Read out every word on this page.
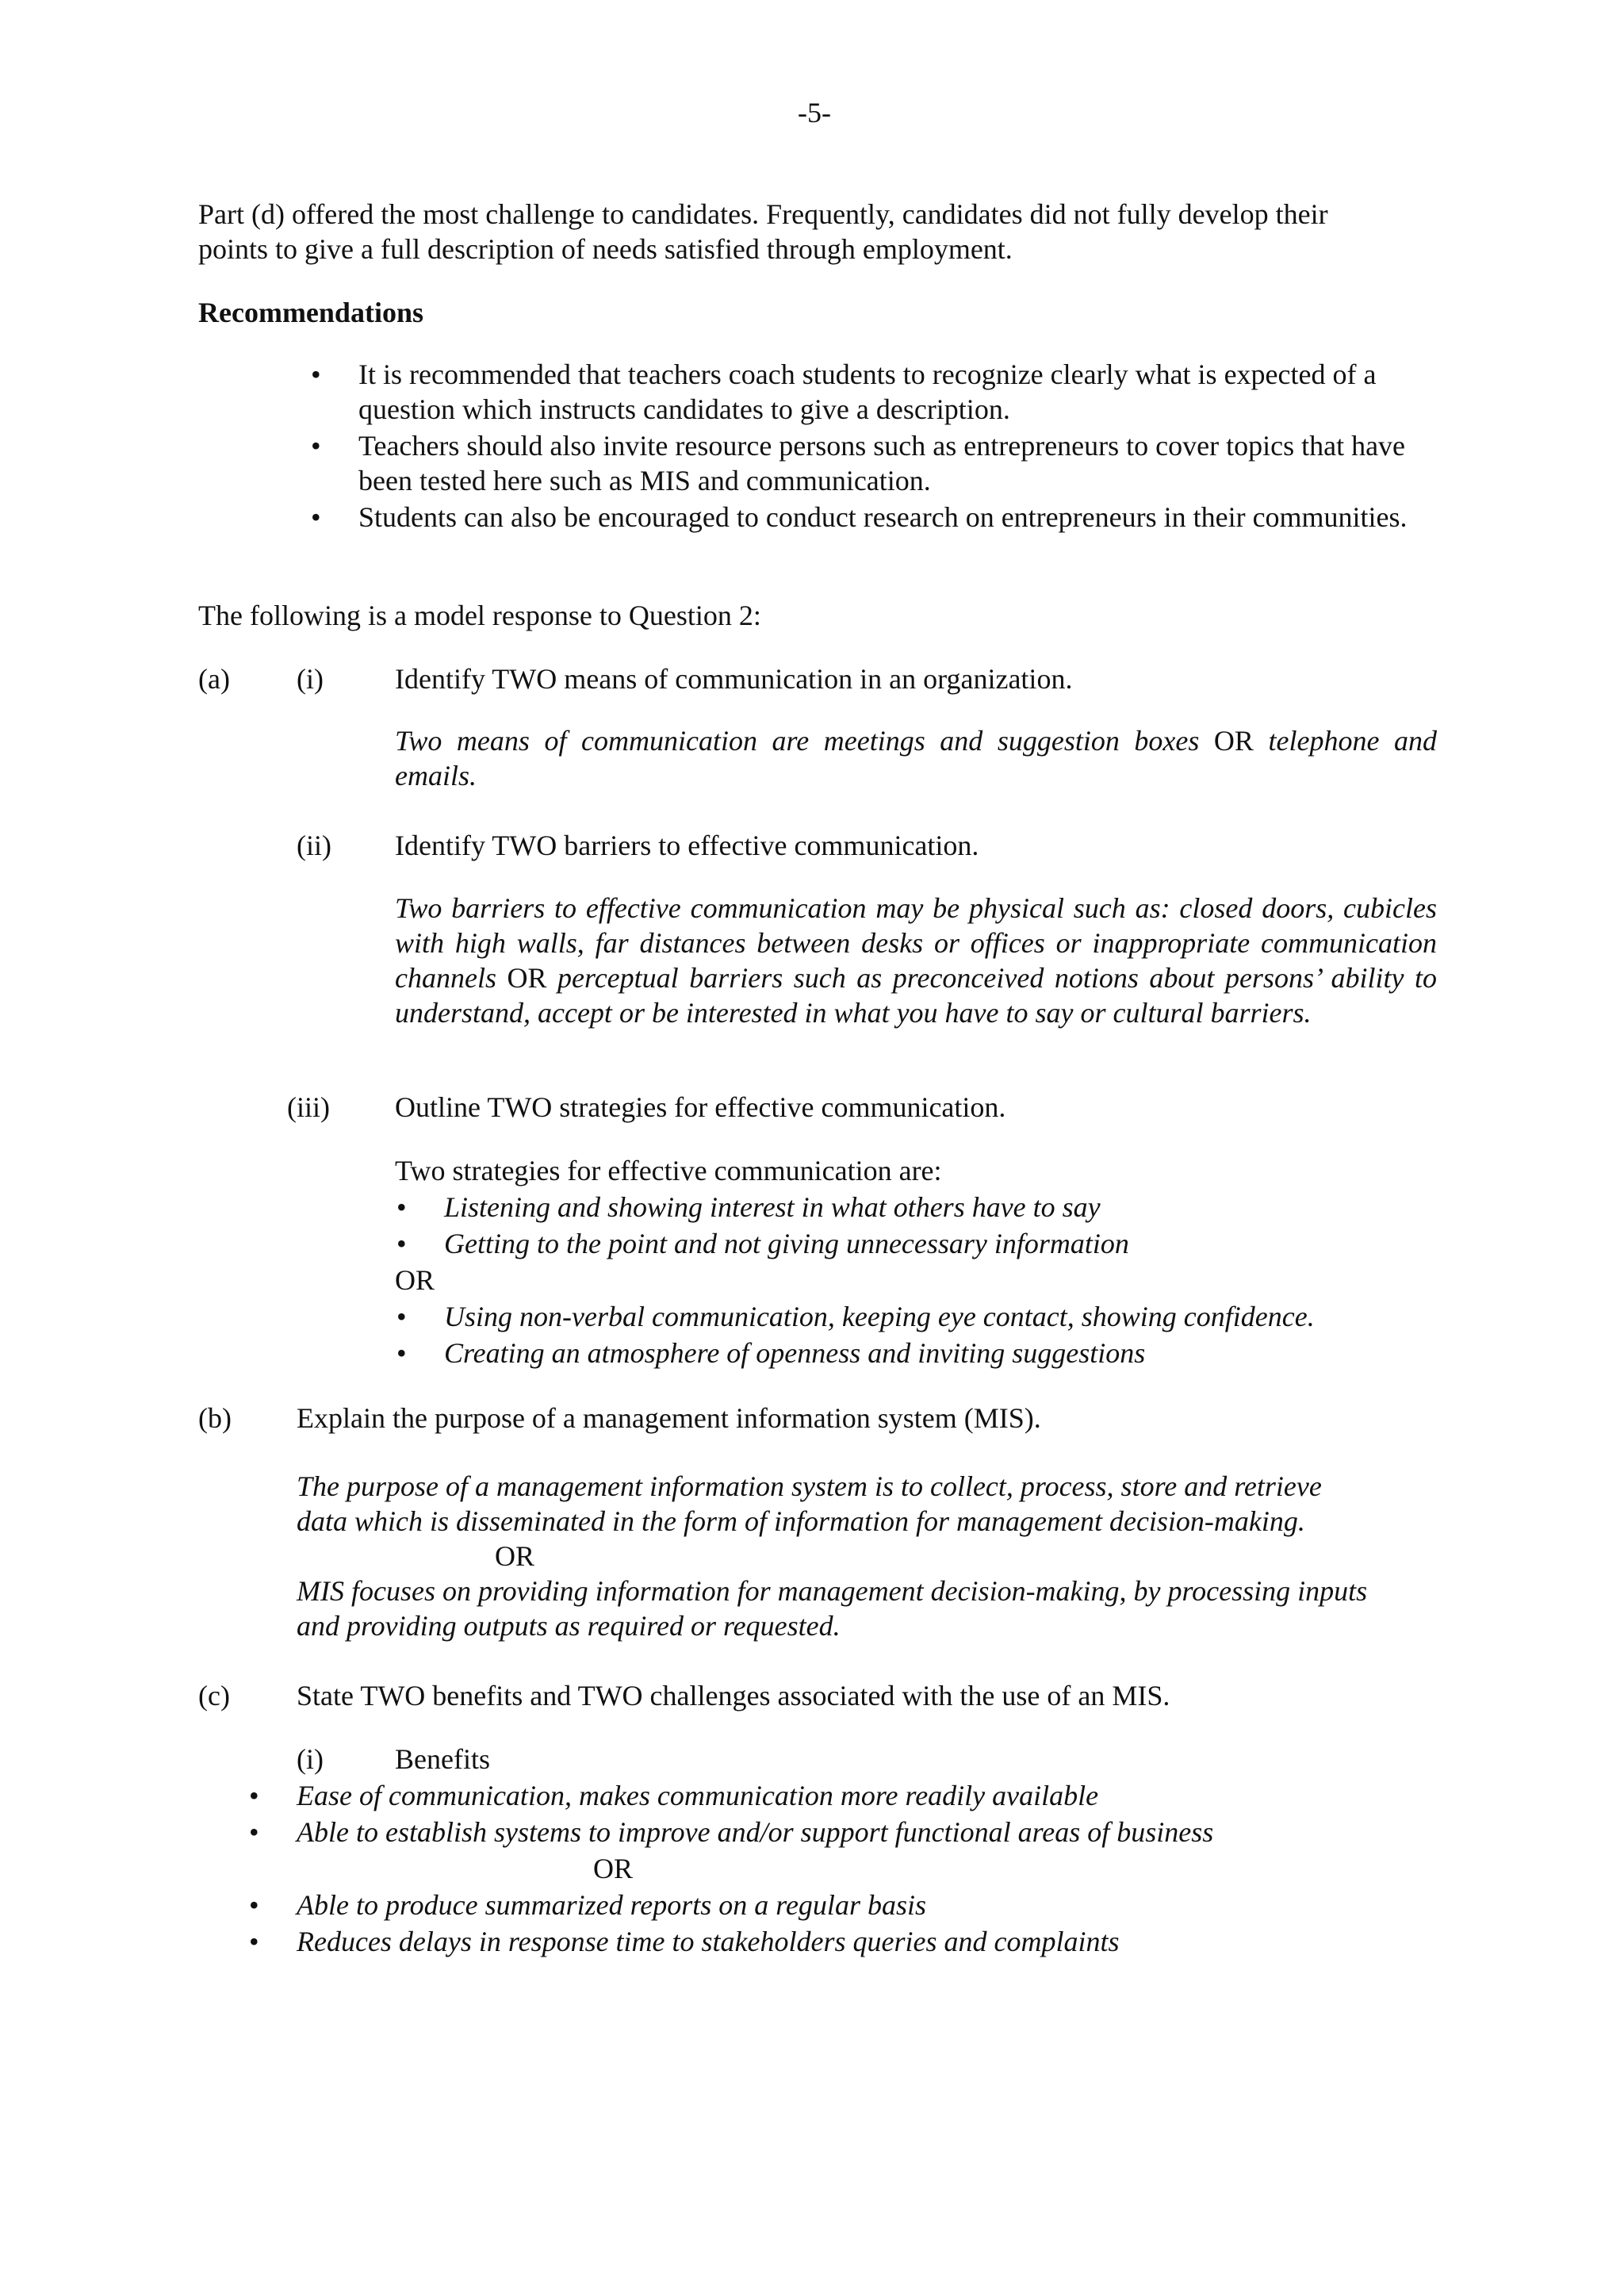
-5-
Part (d) offered the most challenge to candidates. Frequently, candidates did not fully develop their
points to give a full description of needs satisfied through employment.
Recommendations
• It is recommended that teachers coach students to recognize clearly what is expected of a question which instructs candidates to give a description.
• Teachers should also invite resource persons such as entrepreneurs to cover topics that have been tested here such as MIS and communication.
• Students can also be encouraged to conduct research on entrepreneurs in their communities.
The following is a model response to Question 2:
(a) (i)	Identify TWO means of communication in an organization.
Two means of communication are meetings and suggestion boxes OR telephone and emails.
(ii) Identify TWO barriers to effective communication.
Two barriers to effective communication may be physical such as: closed doors, cubicles with high walls, far distances between desks or offices or inappropriate communication channels OR perceptual barriers such as preconceived notions about persons’ ability to understand, accept or be interested in what you have to say or cultural barriers.
(iii) Outline TWO strategies for effective communication.
Two strategies for effective communication are:
• Listening and showing interest in what others have to say
• Getting to the point and not giving unnecessary information
OR
• Using non-verbal communication, keeping eye contact, showing confidence.
• Creating an atmosphere of openness and inviting suggestions
(b) Explain the purpose of a management information system (MIS).
The purpose of a management information system is to collect, process, store and retrieve
data which is disseminated in the form of information for management decision-making.
OR
MIS focuses on providing information for management decision-making, by processing inputs
and providing outputs as required or requested.
(c) State TWO benefits and TWO challenges associated with the use of an MIS.
(i)	Benefits
• Ease of communication, makes communication more readily available
• Able to establish systems to improve and/or support functional areas of business
OR
• Able to produce summarized reports on a regular basis
• Reduces delays in response time to stakeholders queries and complaints
